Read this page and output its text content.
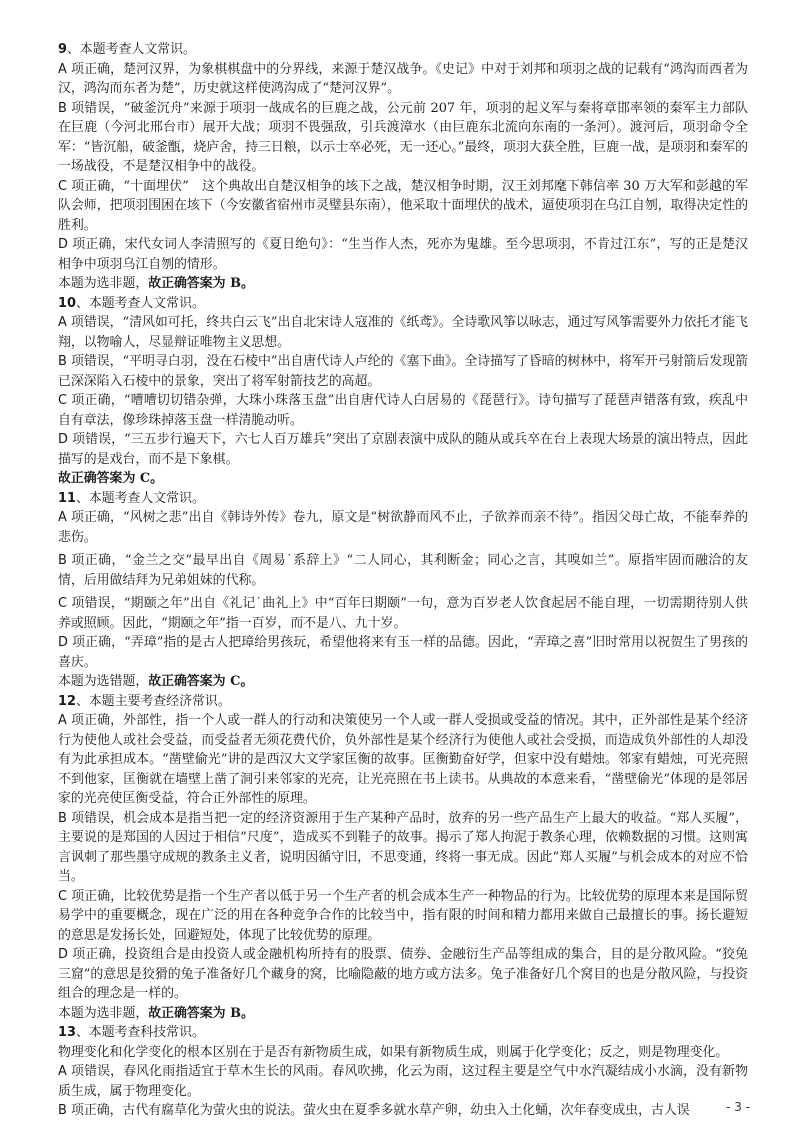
9、本题考查人文常识。

A 项正确，楚河汉界，为象棋棋盘中的分界线，来源于楚汉战争。《史记》中对于刘邦和项羽之战的记载有“鸿沟而西者为汉，鸿沟而东者为楚”，历史就这样使鸿沟成了“楚河汉界”。

B 项错误，“破釜沉舟”来源于项羽一战成名的巨鹿之战，公元前 207 年，项羽的起义军与秦将章邯率领的秦军主力部队在巨鹿（今河北邢台市）展开大战；项羽不畏强敌，引兵渡漳水（由巨鹿东北流向东南的一条河）。渡河后，项羽命令全军：“皆沉船，破釜甑，烧庐舍，持三日粮，以示士卒必死，无一还心。”最终，项羽大获全胜，巨鹿一战，是项羽和秦军的一场战役，不是楚汉相争中的战役。

C 项正确，“十面埋伏”　这个典故出自楚汉相争的垓下之战，楚汉相争时期，汉王刘邦麾下韩信率 30 万大军和彭越的军队会师，把项羽围困在垓下（今安徽省宿州市灵璧县东南），他采取十面埋伏的战术，逼使项羽在乌江自刎，取得决定性的胜利。

D 项正确，宋代女词人李清照写的《夏日绝句》：“生当作人杰，死亦为鬼雄。至今思项羽，不肯过江东”，写的正是楚汉相争中项羽乌江自刎的情形。

本题为选非题，故正确答案为 B。

10、本题考查人文常识。

A 项错误，“清风如可托，终共白云飞”出自北宋诗人寇准的《纸鸢》。全诗歌风筝以咏志，通过写风筝需要外力依托才能飞翔，以物喻人，尽显辩证唯物主义思想。

B 项错误，“平明寻白羽，没在石棱中”出自唐代诗人卢纶的《塞下曲》。全诗描写了昏暗的树林中，将军开弓射箭后发现箭已深深陷入石棱中的景象，突出了将军射箭技艺的高超。

C 项正确，“嘈嘈切切错杂弹，大珠小珠落玉盘”出自唐代诗人白居易的《琵琶行》。诗句描写了琵琶声错落有致，疾乱中自有章法，像珍珠掉落玉盘一样清脆动听。

D 项错误，“三五步行遍天下，六七人百万雄兵”突出了京剧表演中成队的随从或兵卒在台上表现大场景的演出特点，因此描写的是戏台，而不是下象棋。

故正确答案为 C。

11、本题考查人文常识。

A 项正确，“风树之悲”出自《韩诗外传》卷九，原文是“树欲静而风不止，子欲养而亲不待”。指因父母亡故，不能奉养的悲伤。

B 项正确，“金兰之交”最早出自《周易˙系辞上》“二人同心，其利断金；同心之言，其嗅如兰”。原指牢固而融洽的友情，后用做结拜为兄弟姐妹的代称。

C 项错误，“期颐之年”出自《礼记˙曲礼上》中“百年曰期颐”一句，意为百岁老人饮食起居不能自理，一切需期待别人供养或照顾。因此，“期颐之年”指一百岁，而不是八、九十岁。

D 项正确，“弄璋”指的是古人把璋给男孩玩，希望他将来有玉一样的品德。因此，“弄璋之喜”旧时常用以祝贺生了男孩的喜庆。

本题为选错题，故正确答案为 C。

12、本题主要考查经济常识。

A 项正确，外部性，指一个人或一群人的行动和决策使另一个人或一群人受损或受益的情况。其中，正外部性是某个经济行为使他人或社会受益，而受益者无须花费代价，负外部性是某个经济行为使他人或社会受损，而造成负外部性的人却没有为此承担成本。“凿壁偷光”讲的是西汉大文学家匡衡的故事。匡衡勤奋好学，但家中没有蜡烛。邻家有蜡烛，可光亮照不到他家，匡衡就在墙壁上凿了洞引来邻家的光亮，让光亮照在书上读书。从典故的本意来看，“凿壁偷光”体现的是邻居家的光亮使匡衡受益，符合正外部性的原理。

B 项错误，机会成本是指当把一定的经济资源用于生产某种产品时，放弃的另一些产品生产上最大的收益。“郑人买履”，主要说的是郑国的人因过于相信“尺度”，造成买不到鞋子的故事。揭示了郑人拘泥于教条心理，依赖数据的习惯。这则寓言讽刺了那些墨守成规的教条主义者，说明因循守旧，不思变通，终将一事无成。因此“郑人买履”与机会成本的对应不恰当。

C 项正确，比较优势是指一个生产者以低于另一个生产者的机会成本生产一种物品的行为。比较优势的原理本来是国际贸易学中的重要概念，现在广泛的用在各种竞争合作的比较当中，指有限的时间和精力都用来做自己最擅长的事。扬长避短的意思是发扬长处，回避短处，体现了比较优势的原理。

D 项正确，投资组合是由投资人或金融机构所持有的股票、债券、金融衍生产品等组成的集合，目的是分散风险。“狡兔三窟”的意思是狡猾的兔子准备好几个藏身的窝，比喻隐蔽的地方或方法多。兔子准备好几个窝目的也是分散风险，与投资组合的理念是一样的。

本题为选非题，故正确答案为 B。

13、本题考查科技常识。

物理变化和化学变化的根本区别在于是否有新物质生成，如果有新物质生成，则属于化学变化；反之，则是物理变化。

A 项错误，春风化雨指适宜于草木生长的风雨。春风吹拂，化云为雨，这过程主要是空气中水汽凝结成小水滴，没有新物质生成，属于物理变化。

B 项正确，古代有腐草化为萤火虫的说法。萤火虫在夏季多就水草产卵，幼虫入土化蛹，次年春变成虫，古人误	- 3 -
